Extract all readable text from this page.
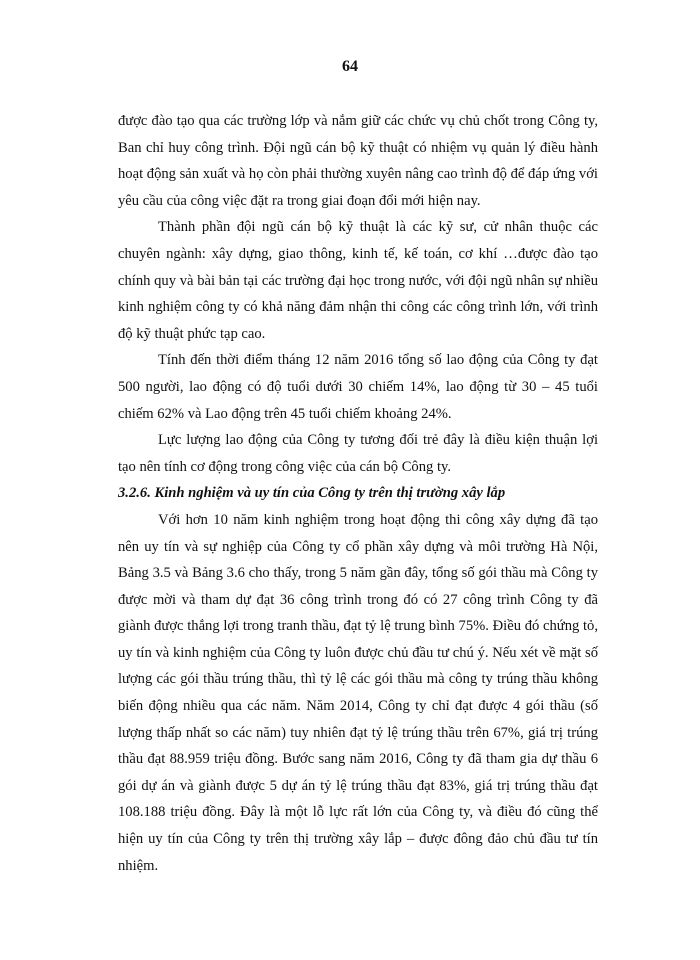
64

được đào tạo qua các trường lớp và nắm giữ các chức vụ chủ chốt trong Công ty, Ban chỉ huy công trình. Đội ngũ cán bộ kỹ thuật có nhiệm vụ quản lý điều hành hoạt động sản xuất và họ còn phải thường xuyên nâng cao trình độ để đáp ứng với yêu cầu của công việc đặt ra trong giai đoạn đổi mới hiện nay.

Thành phần đội ngũ cán bộ kỹ thuật là các kỹ sư, cử nhân thuộc các chuyên ngành: xây dựng, giao thông, kinh tế, kế toán, cơ khí …được đào tạo chính quy và bài bản tại các trường đại học trong nước, với đội ngũ nhân sự nhiều kinh nghiệm công ty có khả năng đảm nhận thi công các công trình lớn, với trình độ kỹ thuật phức tạp cao.

Tính đến thời điểm tháng 12 năm 2016 tổng số lao động của Công ty đạt 500 người, lao động có độ tuổi dưới 30 chiếm 14%, lao động từ 30 – 45 tuổi chiếm 62% và Lao động trên 45 tuổi chiếm khoảng 24%.

Lực lượng lao động của Công ty tương đối trẻ đây là điều kiện thuận lợi tạo nên tính cơ động trong công việc của cán bộ Công ty.

3.2.6. Kinh nghiệm và uy tín của Công ty trên thị trường xây lắp

Với hơn 10 năm kinh nghiệm trong hoạt động thi công xây dựng đã tạo nên uy tín và sự nghiệp của Công ty cổ phần xây dựng và môi trường Hà Nội, Bảng 3.5 và Bảng 3.6 cho thấy, trong 5 năm gần đây, tổng số gói thầu mà Công ty được mời và tham dự đạt 36 công trình trong đó có 27 công trình Công ty đã giành được thắng lợi trong tranh thầu, đạt tỷ lệ trung bình 75%. Điều đó chứng tỏ, uy tín và kinh nghiệm của Công ty luôn được chủ đầu tư chú ý. Nếu xét về mặt số lượng các gói thầu trúng thầu, thì tỷ lệ các gói thầu mà công ty trúng thầu không biến động nhiều qua các năm. Năm 2014, Công ty chỉ đạt được 4 gói thầu (số lượng thấp nhất so các năm) tuy nhiên đạt tỷ lệ trúng thầu trên 67%, giá trị trúng thầu đạt 88.959 triệu đồng. Bước sang năm 2016, Công ty đã tham gia dự thầu 6 gói dự án và giành được 5 dự án tỷ lệ trúng thầu đạt 83%, giá trị trúng thầu đạt 108.188 triệu đồng. Đây là một lỗ lực rất lớn của Công ty, và điều đó cũng thể hiện uy tín của Công ty trên thị trường xây lắp – được đông đảo chủ đầu tư tín nhiệm.
